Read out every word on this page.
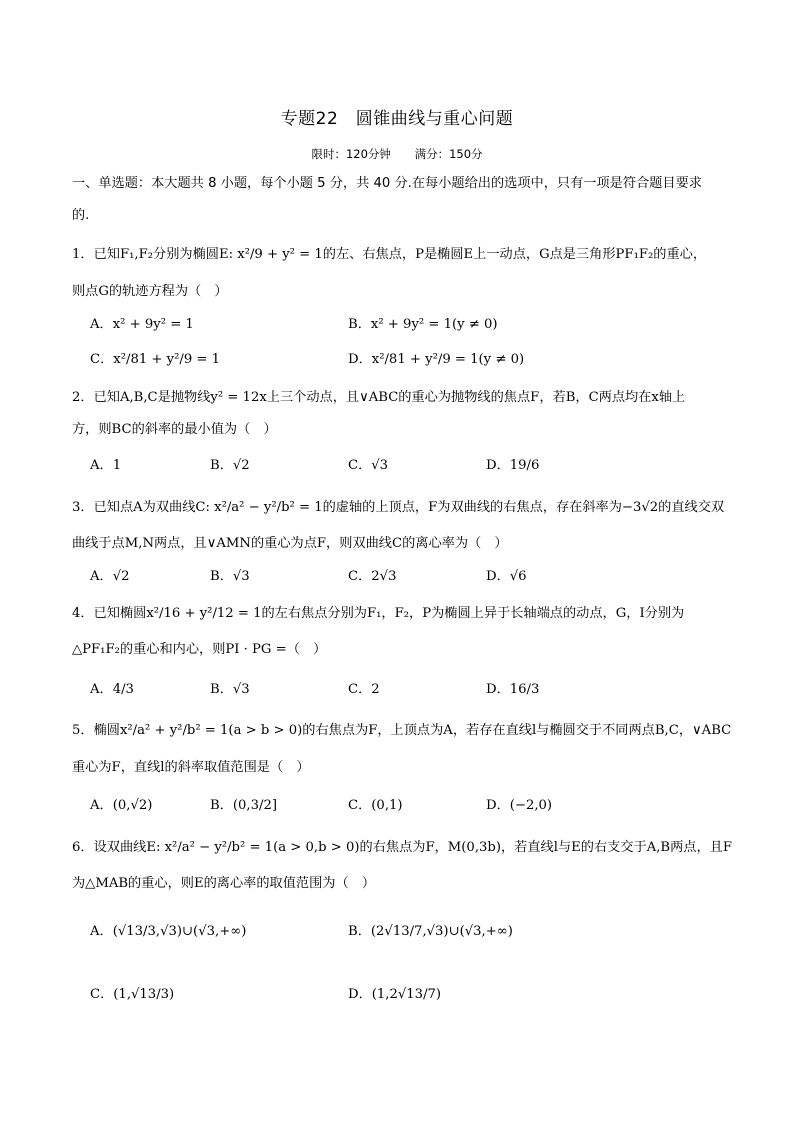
专题22　圆锥曲线与重心问题
限时：120分钟 满分：150分
一、单选题：本大题共 8 小题，每个小题 5 分，共 40 分.在每小题给出的选项中，只有一项是符合题目要求
的.
1．已知F₁,F₂分别为椭圆E: x²/9 + y² = 1的左、右焦点，P是椭圆E上一动点，G点是三角形PF₁F₂的重心，
则点G的轨迹方程为（　）
A．x² + 9y² = 1	B．x² + 9y² = 1(y ≠ 0)
C．x²/81 + y²/9 = 1	D．x²/81 + y²/9 = 1(y ≠ 0)
2．已知A,B,C是抛物线y² = 12x上三个动点，且∨ABC的重心为抛物线的焦点F，若B，C两点均在x轴上
方，则BC的斜率的最小值为（　）
A．1	B．√2	C．√3	D．19/6
3．已知点A为双曲线C: x²/a² − y²/b² = 1的虚轴的上顶点，F为双曲线的右焦点，存在斜率为−3√2的直线交双
曲线于点M,N两点，且∨AMN的重心为点F，则双曲线C的离心率为（　）
A．√2	B．√3	C．2√3	D．√6
4．已知椭圆x²/16 + y²/12 = 1的左右焦点分别为F₁，F₂，P为椭圆上异于长轴端点的动点，G，I分别为
△PF₁F₂的重心和内心，则PI · PG =（　）
A．4/3	B．√3	C．2	D．16/3
5．椭圆x²/a² + y²/b² = 1(a > b > 0)的右焦点为F，上顶点为A，若存在直线l与椭圆交于不同两点B,C，∨ABC
重心为F，直线l的斜率取值范围是（　）
A．(0,√2)	B．(0,3/2]	C．(0,1)	D．(−2,0)
6．设双曲线E: x²/a² − y²/b² = 1(a > 0,b > 0)的右焦点为F，M(0,3b)，若直线l与E的右支交于A,B两点，且F
为△MAB的重心，则E的离心率的取值范围为（　）
A．(√13/3,√3)∪(√3,+∞)	B．(2√13/7,√3)∪(√3,+∞)
C．(1,√13/3)	D．(1,2√13/7)
